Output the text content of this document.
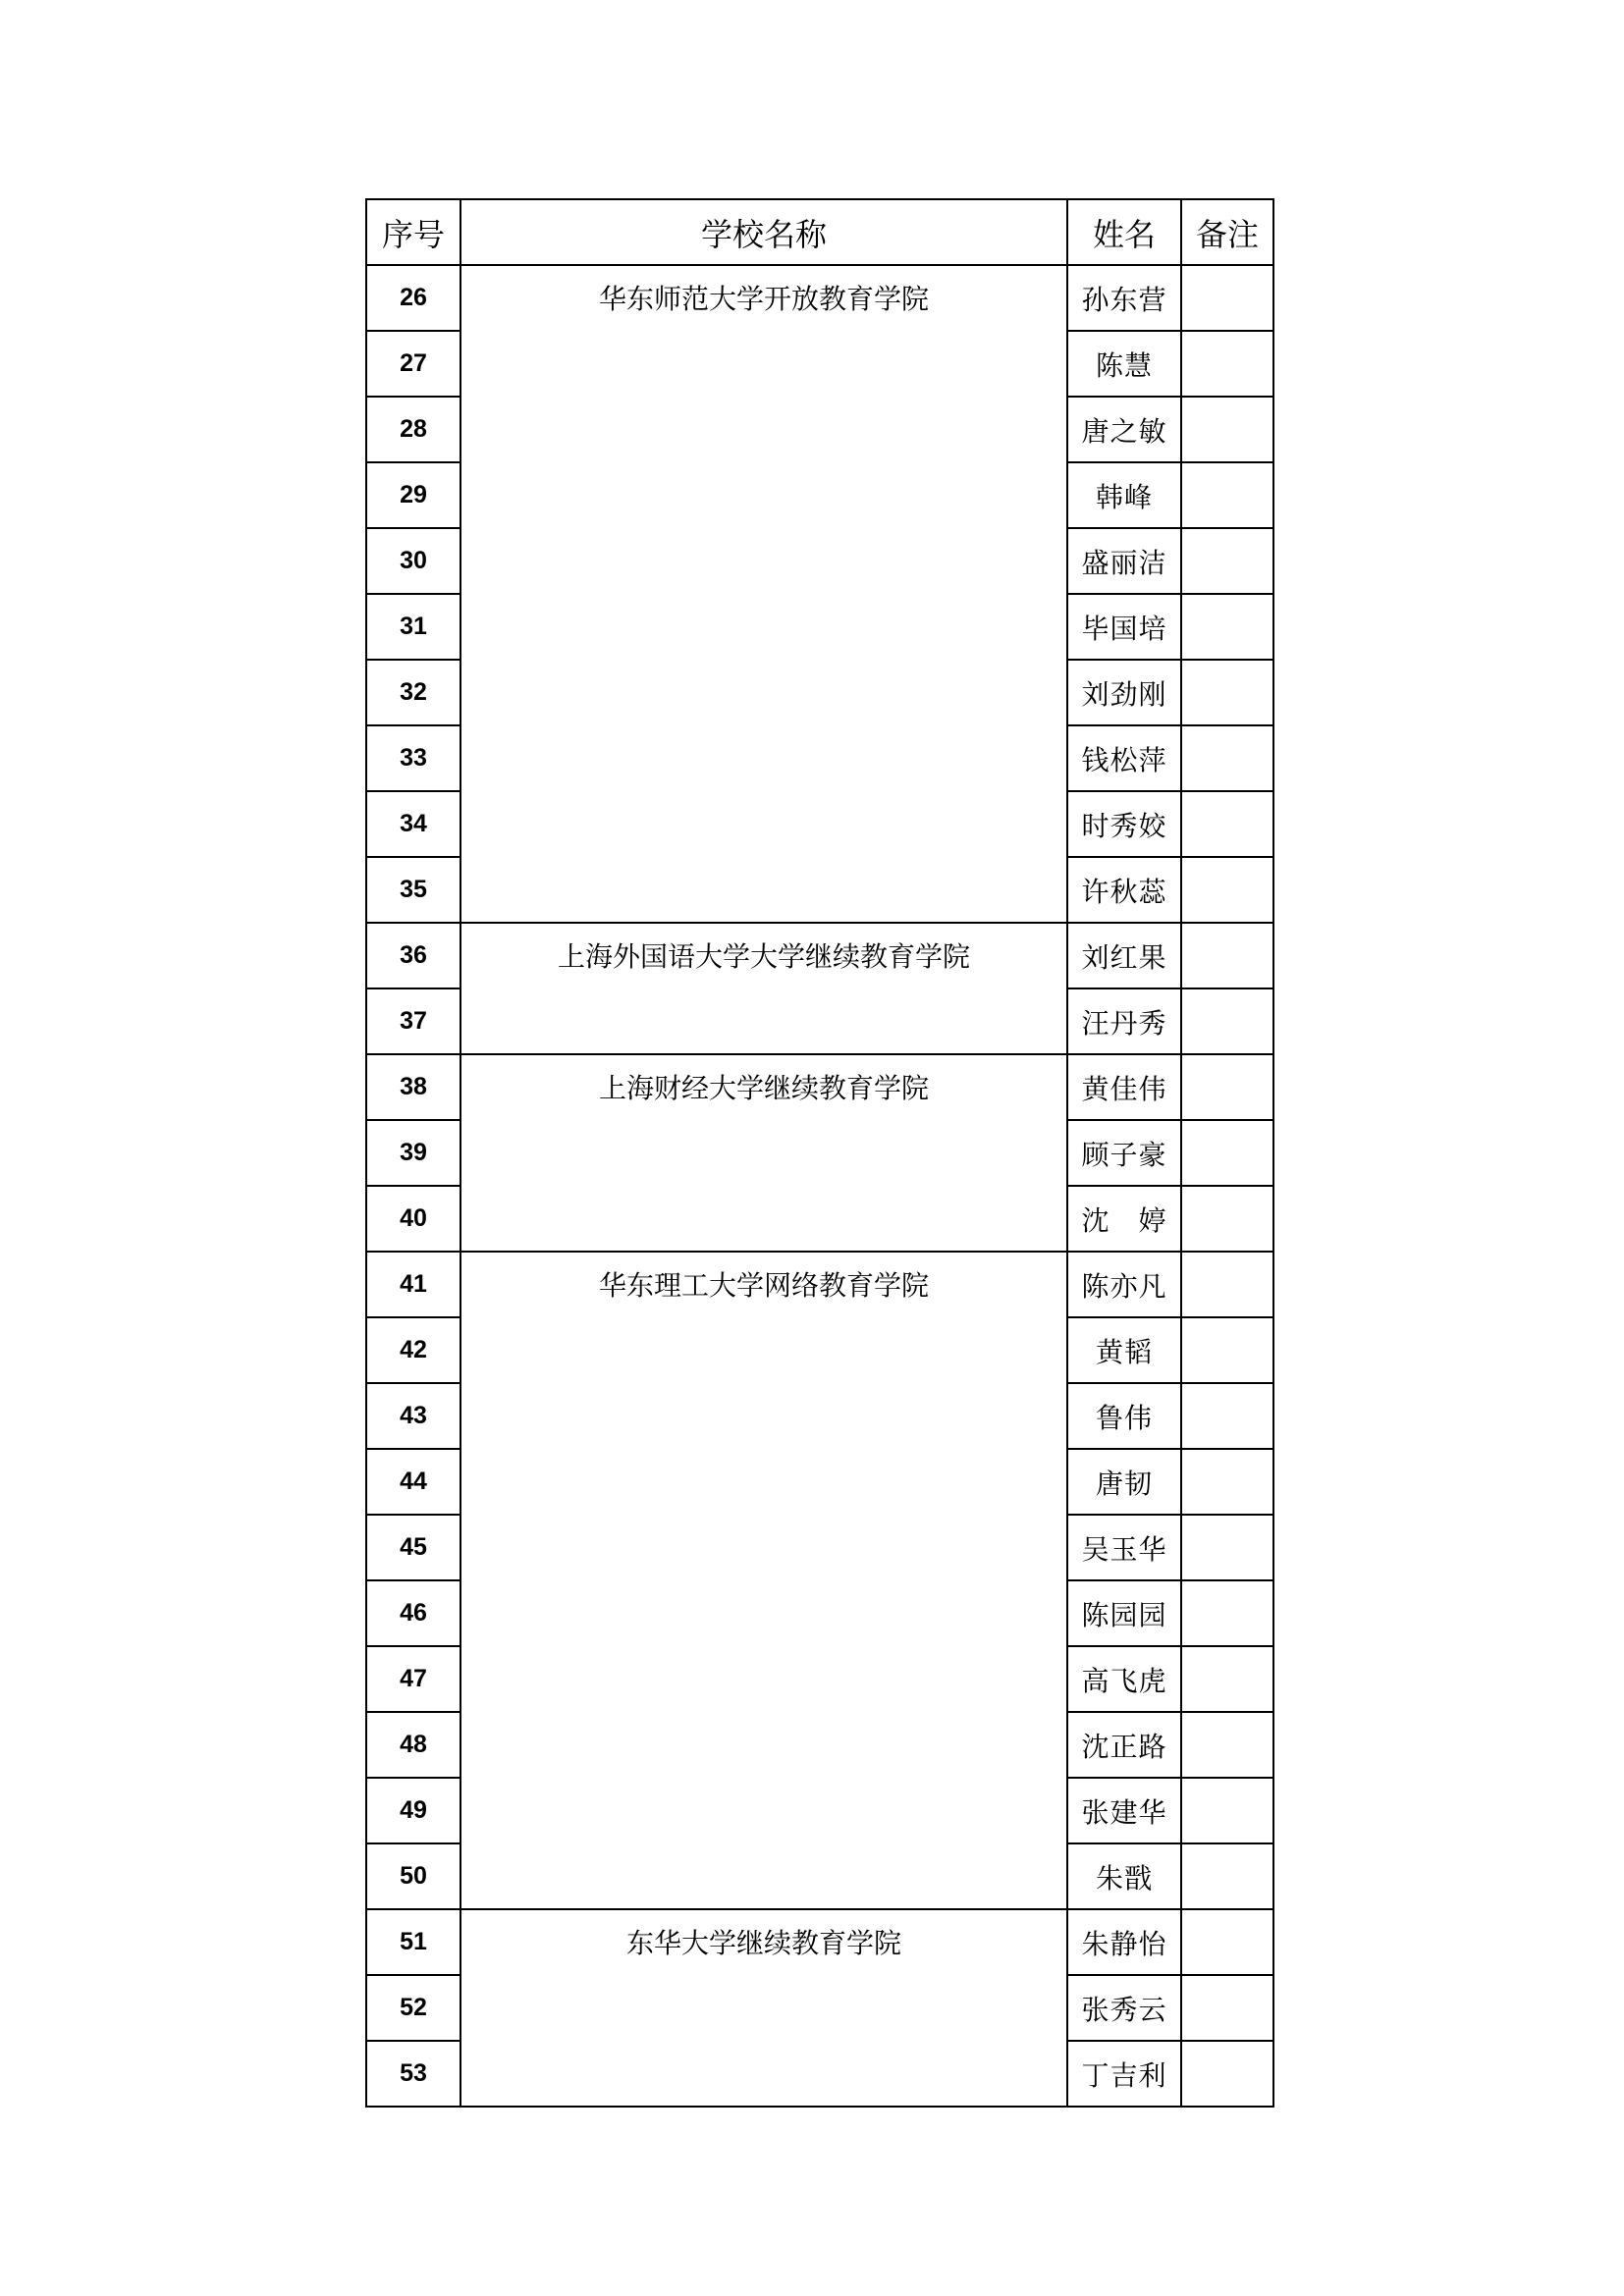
序号	学校名称	姓名	备注
26	华东师范大学开放教育学院	孙东营	
27		陈慧	
28		唐之敏	
29		韩峰	
30		盛丽洁	
31		毕国培	
32		刘劲刚	
33		钱松萍	
34		时秀姣	
35		许秋蕊	
36	上海外国语大学大学继续教育学院	刘红果	
37		汪丹秀	
38	上海财经大学继续教育学院	黄佳伟	
39		顾子豪	
40		沈　婷	
41	华东理工大学网络教育学院	陈亦凡	
42		黄韬	
43		鲁伟	
44		唐韧	
45		吴玉华	
46		陈园园	
47		高飞虎	
48		沈正路	
49		张建华	
50		朱戬	
51	东华大学继续教育学院	朱静怡	
52		张秀云	
53		丁吉利	
